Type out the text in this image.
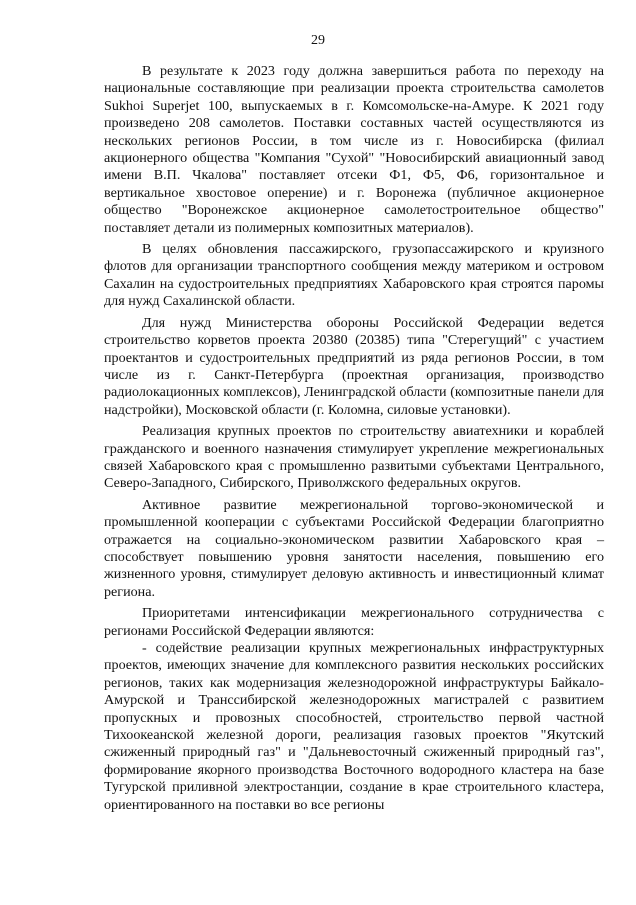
29

В результате к 2023 году должна завершиться работа по переходу на национальные составляющие при реализации проекта строительства самолетов Sukhoi Superjet 100, выпускаемых в г. Комсомольске-на-Амуре. К 2021 году произведено 208 самолетов. Поставки составных частей осуществляются из нескольких регионов России, в том числе из г. Новосибирска (филиал акционерного общества "Компания "Сухой" "Новосибирский авиационный завод имени В.П. Чкалова" поставляет отсеки Ф1, Ф5, Ф6, горизонтальное и вертикальное хвостовое оперение) и г. Воронежа (публичное акционерное общество "Воронежское акционерное самолетостроительное общество" поставляет детали из полимерных композитных материалов).

В целях обновления пассажирского, грузопассажирского и круизного флотов для организации транспортного сообщения между материком и островом Сахалин на судостроительных предприятиях Хабаровского края строятся паромы для нужд Сахалинской области.

Для нужд Министерства обороны Российской Федерации ведется строительство корветов проекта 20380 (20385) типа "Стерегущий" с участием проектантов и судостроительных предприятий из ряда регионов России, в том числе из г. Санкт-Петербурга (проектная организация, производство радиолокационных комплексов), Ленинградской области (композитные панели для надстройки), Московской области (г. Коломна, силовые установки).

Реализация крупных проектов по строительству авиатехники и кораблей гражданского и военного назначения стимулирует укрепление межрегиональных связей Хабаровского края с промышленно развитыми субъектами Центрального, Северо-Западного, Сибирского, Приволжского федеральных округов.

Активное развитие межрегиональной торгово-экономической и промышленной кооперации с субъектами Российской Федерации благоприятно отражается на социально-экономическом развитии Хабаровского края – способствует повышению уровня занятости населения, повышению его жизненного уровня, стимулирует деловую активность и инвестиционный климат региона.

Приоритетами интенсификации межрегионального сотрудничества с регионами Российской Федерации являются:

- содействие реализации крупных межрегиональных инфраструктурных проектов, имеющих значение для комплексного развития нескольких российских регионов, таких как модернизация железнодорожной инфраструктуры Байкало-Амурской и Транссибирской железнодорожных магистралей с развитием пропускных и провозных способностей, строительство первой частной Тихоокеанской железной дороги, реализация газовых проектов "Якутский сжиженный природный газ" и "Дальневосточный сжиженный природный газ", формирование якорного производства Восточного водородного кластера на базе Тугурской приливной электростанции, создание в крае строительного кластера, ориентированного на поставки во все регионы
